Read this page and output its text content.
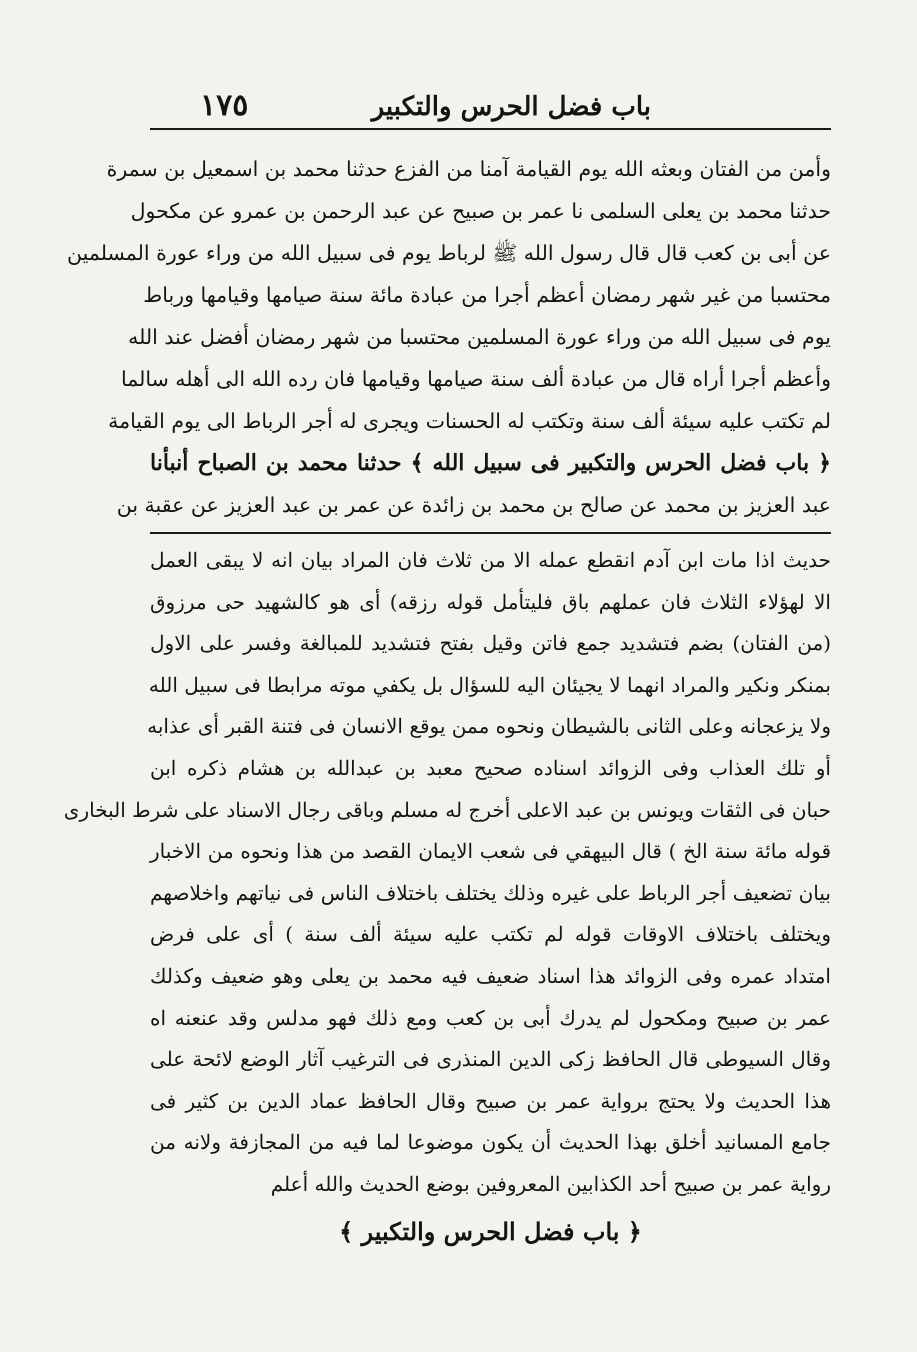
باب فضل الحرس والتكبير
١٧٥
وأمن من الفتان وبعثه الله يوم القيامة آمنا من الفزع حدثنا محمد بن اسمعيل بن سمرة
حدثنا محمد بن يعلى السلمى نا عمر بن صبيح عن عبد الرحمن بن عمرو عن مكحول
عن أبى بن كعب قال قال رسول الله ﷺ لرباط يوم فى سبيل الله من وراء عورة المسلمين
محتسبا من غير شهر رمضان أعظم أجرا من عبادة مائة سنة صيامها وقيامها ورباط
يوم فى سبيل الله من وراء عورة المسلمين محتسبا من شهر رمضان أفضل عند الله
وأعظم أجرا أراه قال من عبادة ألف سنة صيامها وقيامها فان رده الله الى أهله سالما
لم تكتب عليه سيئة ألف سنة وتكتب له الحسنات ويجرى له أجر الرباط الى يوم القيامة
﴿ باب فضل الحرس والتكبير فى سبيل الله ﴾ حدثنا محمد بن الصباح أنبأنا
عبد العزيز بن محمد عن صالح بن محمد بن زائدة عن عمر بن عبد العزيز عن عقبة بن
حديث اذا مات ابن آدم انقطع عمله الا من ثلاث فان المراد بيان انه لا يبقى العمل
الا لهؤلاء الثلاث فان عملهم باق فليتأمل قوله رزقه) أى هو كالشهيد حى مرزوق
(من الفتان) بضم فتشديد جمع فاتن وقيل بفتح فتشديد للمبالغة وفسر على الاول
بمنكر ونكير والمراد انهما لا يجيئان اليه للسؤال بل يكفي موته مرابطا فى سبيل الله
ولا يزعجانه وعلى الثانى بالشيطان ونحوه ممن يوقع الانسان فى فتنة القبر أى عذابه
أو تلك العذاب وفى الزوائد اسناده صحيح معبد بن عبدالله بن هشام ذكره ابن
حبان فى الثقات ويونس بن عبد الاعلى أخرج له مسلم وباقى رجال الاسناد على شرط البخارى
قوله مائة سنة الخ ) قال البيهقي فى شعب الايمان القصد من هذا ونحوه من الاخبار
بيان تضعيف أجر الرباط على غيره وذلك يختلف باختلاف الناس فى نياتهم واخلاصهم
ويختلف باختلاف الاوقات قوله لم تكتب عليه سيئة ألف سنة ) أى على فرض
امتداد عمره وفى الزوائد هذا اسناد ضعيف فيه محمد بن يعلى وهو ضعيف وكذلك
عمر بن صبيح ومكحول لم يدرك أبى بن كعب ومع ذلك فهو مدلس وقد عنعنه اه
وقال السيوطى قال الحافظ زكى الدين المنذرى فى الترغيب آثار الوضع لائحة على
هذا الحديث ولا يحتج برواية عمر بن صبيح وقال الحافظ عماد الدين بن كثير فى
جامع المسانيد أخلق بهذا الحديث أن يكون موضوعا لما فيه من المجازفة ولانه من
رواية عمر بن صبيح أحد الكذابين المعروفين بوضع الحديث والله أعلم
﴿ باب فضل الحرس والتكبير ﴾
